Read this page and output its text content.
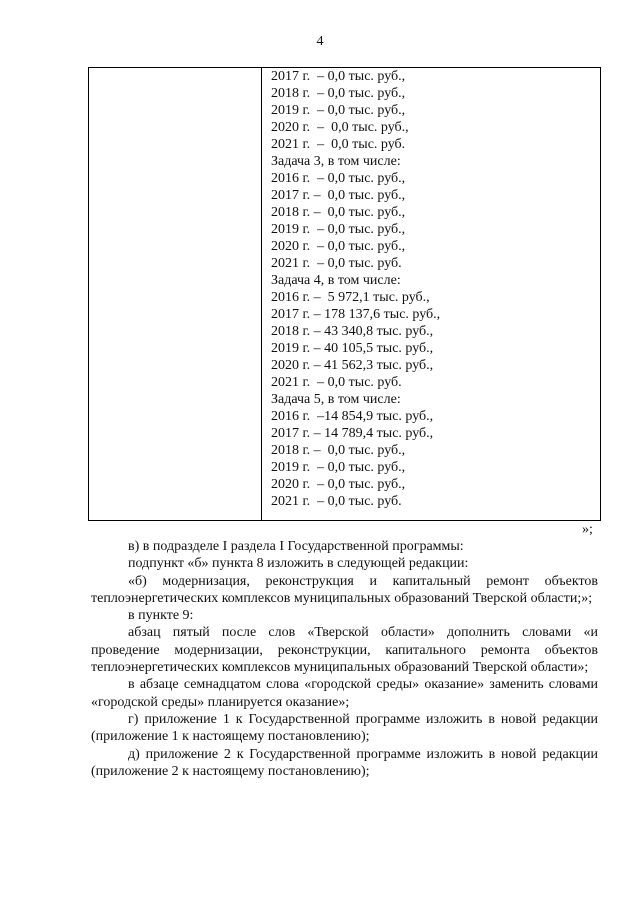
4

2017 г.  – 0,0 тыс. руб.,
2018 г.  – 0,0 тыс. руб.,
2019 г.  – 0,0 тыс. руб.,
2020 г.  –  0,0 тыс. руб.,
2021 г.  –  0,0 тыс. руб.
Задача 3, в том числе:
2016 г.  – 0,0 тыс. руб.,
2017 г. –  0,0 тыс. руб.,
2018 г. –  0,0 тыс. руб.,
2019 г.  – 0,0 тыс. руб.,
2020 г.  – 0,0 тыс. руб.,
2021 г.  – 0,0 тыс. руб.
Задача 4, в том числе:
2016 г. –  5 972,1 тыс. руб.,
2017 г. – 178 137,6 тыс. руб.,
2018 г. – 43 340,8 тыс. руб.,
2019 г. – 40 105,5 тыс. руб.,
2020 г. – 41 562,3 тыс. руб.,
2021 г.  – 0,0 тыс. руб.
Задача 5, в том числе:
2016 г.  –14 854,9 тыс. руб.,
2017 г. – 14 789,4 тыс. руб.,
2018 г. –  0,0 тыс. руб.,
2019 г.  – 0,0 тыс. руб.,
2020 г.  – 0,0 тыс. руб.,
2021 г.  – 0,0 тыс. руб.
»;

в) в подразделе I раздела I Государственной программы:

подпункт «б» пункта 8 изложить в следующей редакции:

«б) модернизация, реконструкция и капитальный ремонт объектов теплоэнергетических комплексов муниципальных образований Тверской области;»;

в пункте 9:

абзац пятый после слов «Тверской области» дополнить словами «и проведение модернизации, реконструкции, капитального ремонта объектов теплоэнергетических комплексов муниципальных образований Тверской области»;

в абзаце семнадцатом слова «городской среды» оказание» заменить словами «городской среды» планируется оказание»;

г) приложение 1 к Государственной программе изложить в новой редакции (приложение 1 к настоящему постановлению);

д) приложение 2 к Государственной программе изложить в новой редакции (приложение 2 к настоящему постановлению);
